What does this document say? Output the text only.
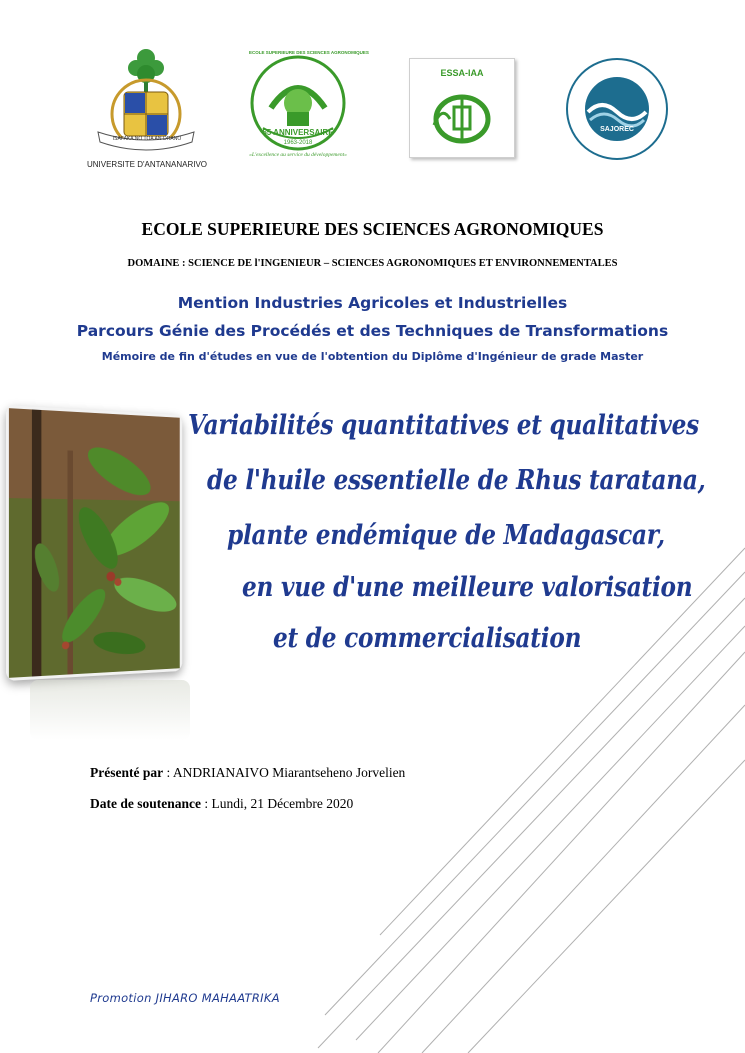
ISAFAKA NO TOA AN-DRANO
UNIVERSITE D'ANTANANARIVO
ECOLE SUPERIEURE DES SCIENCES AGRONOMIQUES
55 ANNIVERSAIRE
1963-2018
«L'excellence au service du développement»
ESSA-IAA
SAJOREC
ECOLE SUPERIEURE DES SCIENCES AGRONOMIQUES
DOMAINE : SCIENCE DE l'INGENIEUR – SCIENCES AGRONOMIQUES ET ENVIRONNEMENTALES
Mention Industries Agricoles et Industrielles
Parcours Génie des Procédés et des Techniques de Transformations
Mémoire de fin d'études en vue de l'obtention du Diplôme d'Ingénieur de grade Master
Variabilités quantitatives et qualitatives
de l'huile essentielle de Rhus taratana,
plante endémique de Madagascar,
en vue d'une meilleure valorisation
et de commercialisation
Présenté par : ANDRIANAIVO Miarantseheno Jorvelien
Date de soutenance : Lundi, 21 Décembre 2020
Promotion JIHARO MAHAATRIKA
